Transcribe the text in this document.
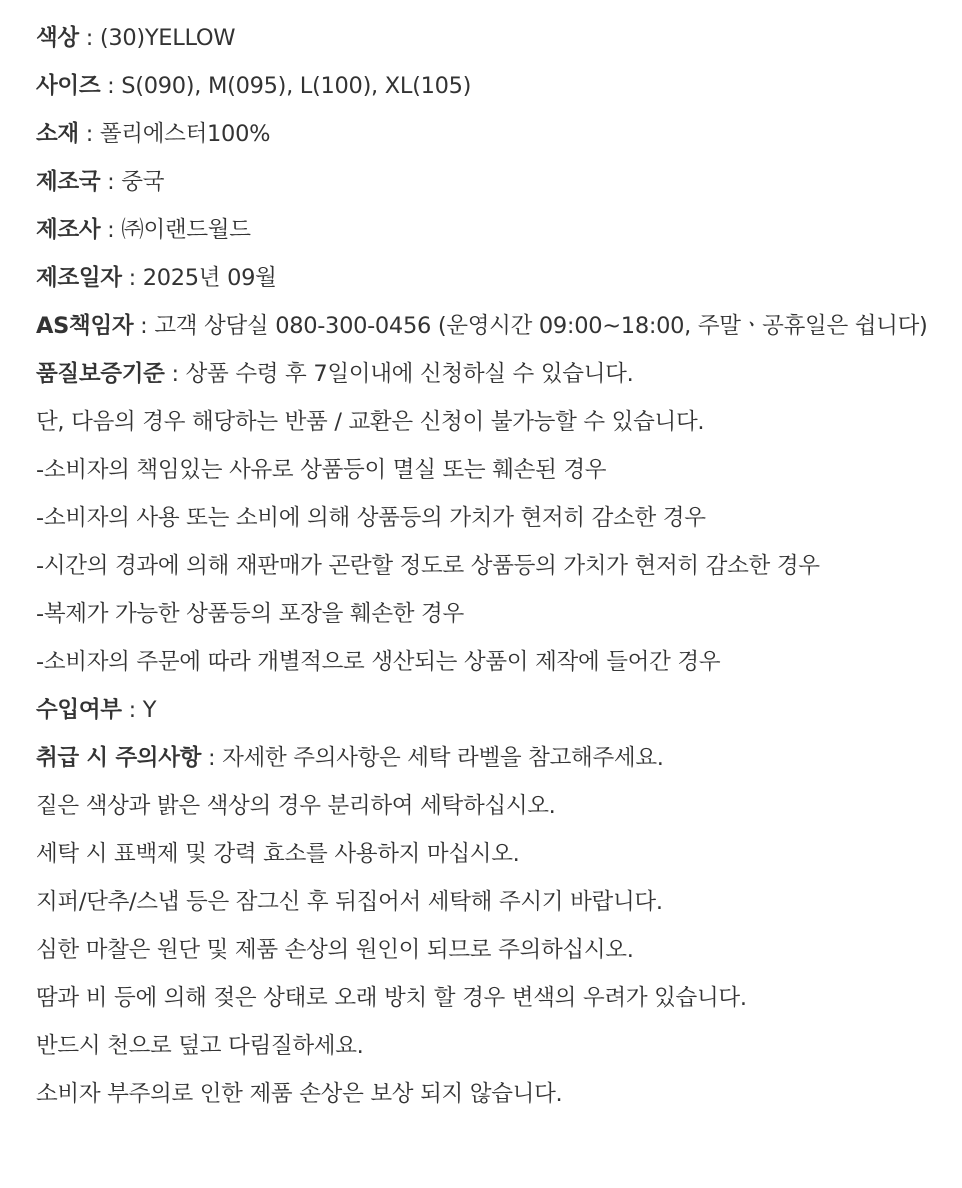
색상 : (30)YELLOW
사이즈 : S(090), M(095), L(100), XL(105)
소재 : 폴리에스터100%
제조국 : 중국
제조사 : ㈜이랜드월드
제조일자 : 2025년 09월
AS책임자 : 고객 상담실 080-300-0456 (운영시간 09:00~18:00, 주말ㆍ공휴일은 쉽니다)
품질보증기준 : 상품 수령 후 7일이내에 신청하실 수 있습니다.
단, 다음의 경우 해당하는 반품 / 교환은 신청이 불가능할 수 있습니다.
-소비자의 책임있는 사유로 상품등이 멸실 또는 훼손된 경우
-소비자의 사용 또는 소비에 의해 상품등의 가치가 현저히 감소한 경우
-시간의 경과에 의해 재판매가 곤란할 정도로 상품등의 가치가 현저히 감소한 경우
-복제가 가능한 상품등의 포장을 훼손한 경우
-소비자의 주문에 따라 개별적으로 생산되는 상품이 제작에 들어간 경우
수입여부 : Y
취급 시 주의사항 : 자세한 주의사항은 세탁 라벨을 참고해주세요.
짙은 색상과 밝은 색상의 경우 분리하여 세탁하십시오.
세탁 시 표백제 및 강력 효소를 사용하지 마십시오.
지퍼/단추/스냅 등은 잠그신 후 뒤집어서 세탁해 주시기 바랍니다.
심한 마찰은 원단 및 제품 손상의 원인이 되므로 주의하십시오.
땀과 비 등에 의해 젖은 상태로 오래 방치 할 경우 변색의 우려가 있습니다.
반드시 천으로 덮고 다림질하세요.
소비자 부주의로 인한 제품 손상은 보상 되지 않습니다.
